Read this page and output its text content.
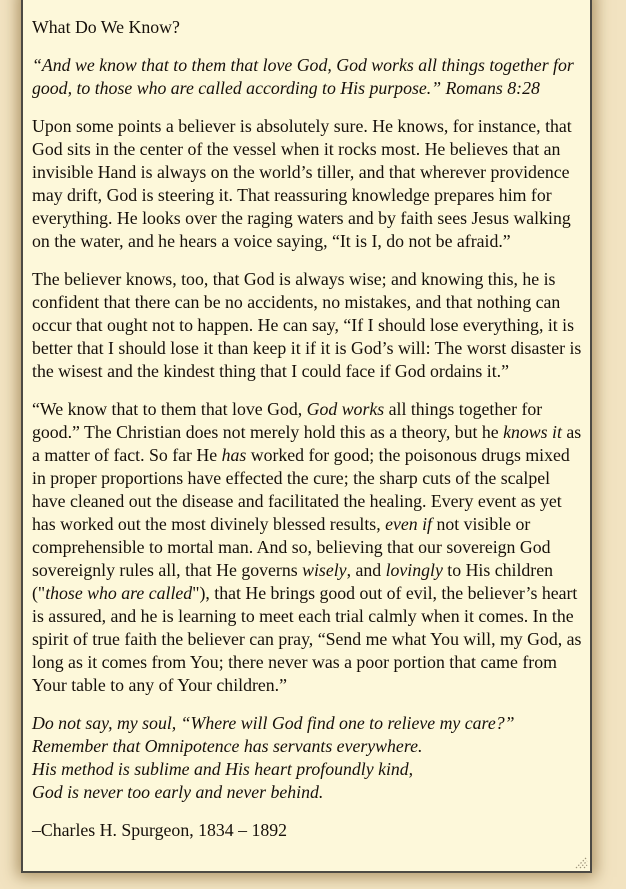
What Do We Know?

“And we know that to them that love God, God works all things together for good, to those who are called according to His purpose.” Romans 8:28

Upon some points a believer is absolutely sure. He knows, for instance, that God sits in the center of the vessel when it rocks most. He believes that an invisible Hand is always on the world’s tiller, and that wherever providence may drift, God is steering it. That reassuring knowledge prepares him for everything. He looks over the raging waters and by faith sees Jesus walking on the water, and he hears a voice saying, “It is I, do not be afraid.”

The believer knows, too, that God is always wise; and knowing this, he is confident that there can be no accidents, no mistakes, and that nothing can occur that ought not to happen. He can say, “If I should lose everything, it is better that I should lose it than keep it if it is God’s will: The worst disaster is the wisest and the kindest thing that I could face if God ordains it.”

“We know that to them that love God, God works all things together for good.” The Christian does not merely hold this as a theory, but he knows it as a matter of fact. So far He has worked for good; the poisonous drugs mixed in proper proportions have effected the cure; the sharp cuts of the scalpel have cleaned out the disease and facilitated the healing. Every event as yet has worked out the most divinely blessed results, even if not visible or comprehensible to mortal man. And so, believing that our sovereign God sovereignly rules all, that He governs wisely, and lovingly to His children ("those who are called"), that He brings good out of evil, the believer’s heart is assured, and he is learning to meet each trial calmly when it comes. In the spirit of true faith the believer can pray, “Send me what You will, my God, as long as it comes from You; there never was a poor portion that came from Your table to any of Your children.”

Do not say, my soul, “Where will God find one to relieve my care?”
Remember that Omnipotence has servants everywhere.
His method is sublime and His heart profoundly kind,
God is never too early and never behind.

–Charles H. Spurgeon, 1834 – 1892
